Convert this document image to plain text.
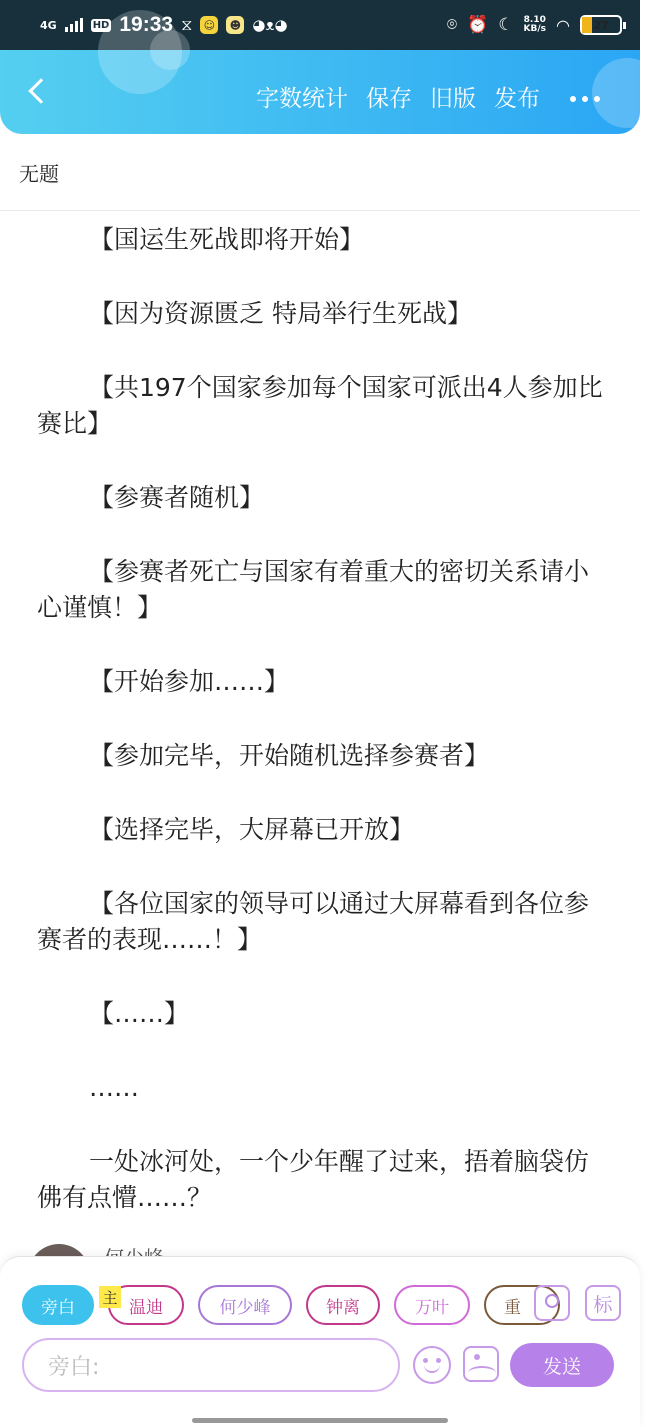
4G	HD 19:33 ⧖ ☺ ☻ ◕ᴥ◕	⌾ ⏰ ☾ 8.10
KB/s ◠ 27
字数统计 保存 旧版 发布
无题

【国运生死战即将开始】

【因为资源匮乏 特局举行生死战】

【共197个国家参加每个国家可派出4人参加比赛比】

【参赛者随机】

【参赛者死亡与国家有着重大的密切关系请小心谨慎！】

【开始参加……】

【参加完毕，开始随机选择参赛者】

【选择完毕，大屏幕已开放】

【各位国家的领导可以通过大屏幕看到各位参赛者的表现……！】

【……】

……

一处冰河处，一个少年醒了过来，捂着脑袋仿佛有点懵……？

旁白	温迪	何少峰	钟离	万叶	重
主	标
旁白:	发送
